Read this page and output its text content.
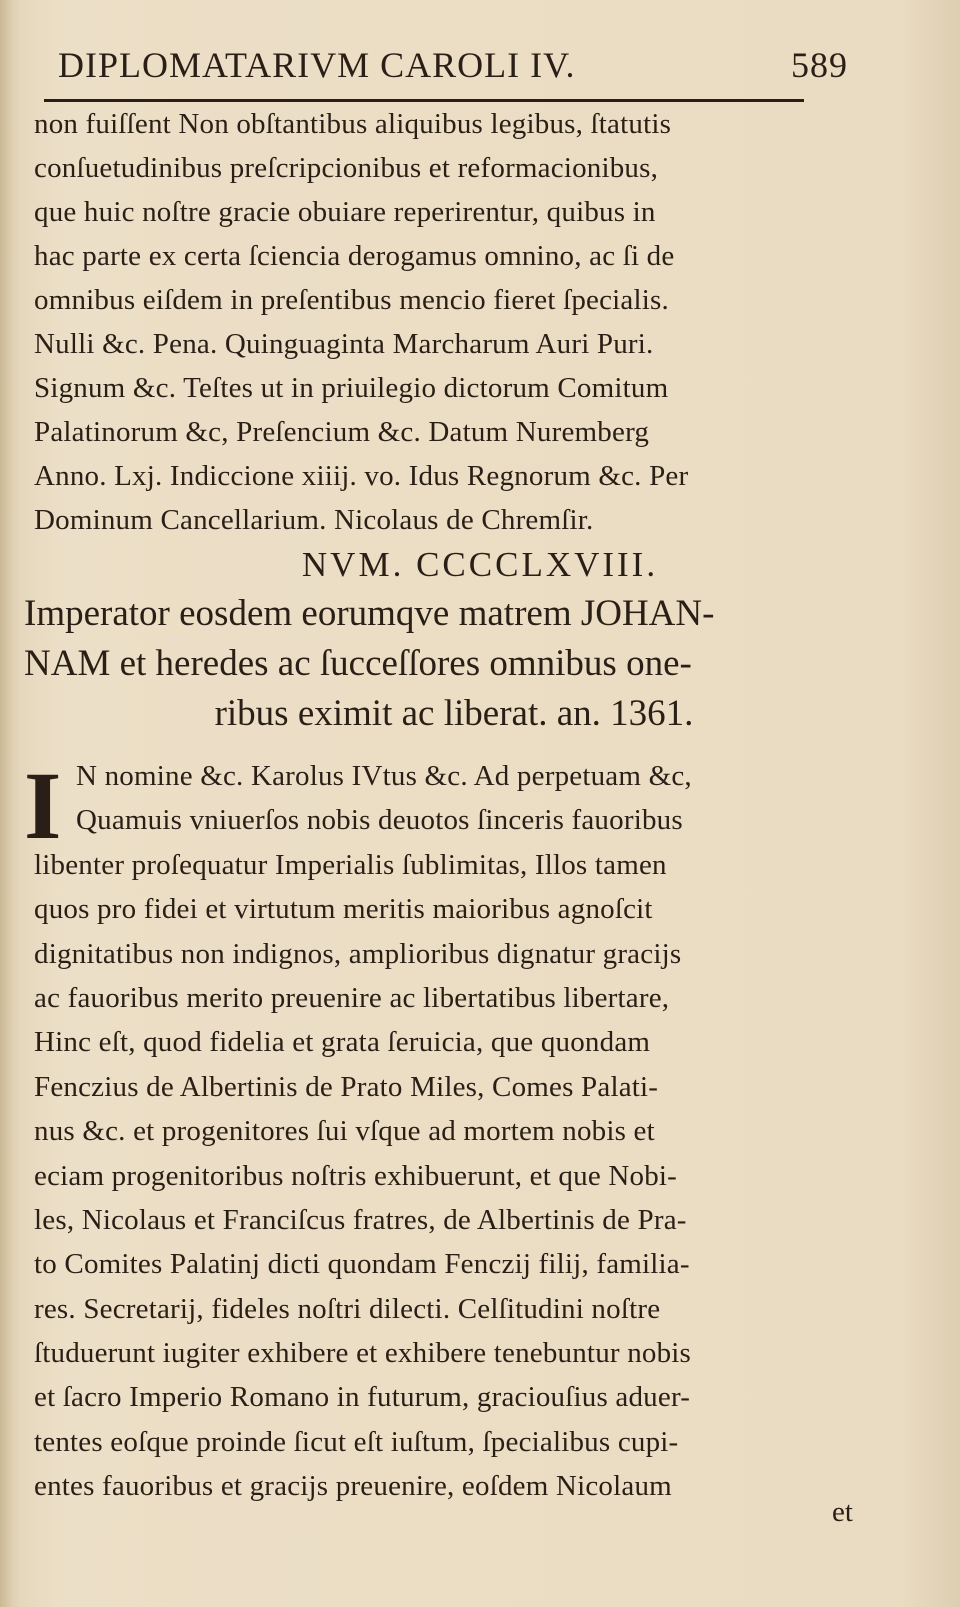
DIPLOMATARIVM CAROLI IV.	589
non fuiſſent Non obſtantibus aliquibus legibus, ſtatutis
conſuetudinibus preſcripcionibus et reformacionibus,
que huic noſtre gracie obuiare reperirentur, quibus in
hac parte ex certa ſciencia derogamus omnino, ac ſi de
omnibus eiſdem in preſentibus mencio fieret ſpecialis.
Nulli &c. Pena. Quinguaginta Marcharum Auri Puri.
Signum &c. Teſtes ut in priuilegio dictorum Comitum
Palatinorum &c, Preſencium &c. Datum Nuremberg
Anno. Lxj. Indiccione xiiij. vo. Idus Regnorum &c. Per
Dominum Cancellarium. Nicolaus de Chremſir.
NVM. CCCCLXVIII.
Imperator eosdem eorumqve matrem JOHAN-
NAM et heredes ac ſucceſſores omnibus one-
ribus eximit ac liberat. an. 1361.
I N nomine &c. Karolus IVtus &c. Ad perpetuam &c,
Quamuis vniuerſos nobis deuotos ſinceris fauoribus
libenter proſequatur Imperialis ſublimitas, Illos tamen
quos pro fidei et virtutum meritis maioribus agnoſcit
dignitatibus non indignos, amplioribus dignatur gracijs
ac fauoribus merito preuenire ac libertatibus libertare,
Hinc eſt, quod fidelia et grata ſeruicia, que quondam
Fenczius de Albertinis de Prato Miles, Comes Palati-
nus &c. et progenitores ſui vſque ad mortem nobis et
eciam progenitoribus noſtris exhibuerunt, et que Nobi-
les, Nicolaus et Franciſcus fratres, de Albertinis de Pra-
to Comites Palatinj dicti quondam Fenczij filij, familia-
res. Secretarij, fideles noſtri dilecti. Celſitudini noſtre
ſtuduerunt iugiter exhibere et exhibere tenebuntur nobis
et ſacro Imperio Romano in futurum, graciouſius aduer-
tentes eoſque proinde ſicut eſt iuſtum, ſpecialibus cupi-
entes fauoribus et gracijs preuenire, eoſdem Nicolaum
et
